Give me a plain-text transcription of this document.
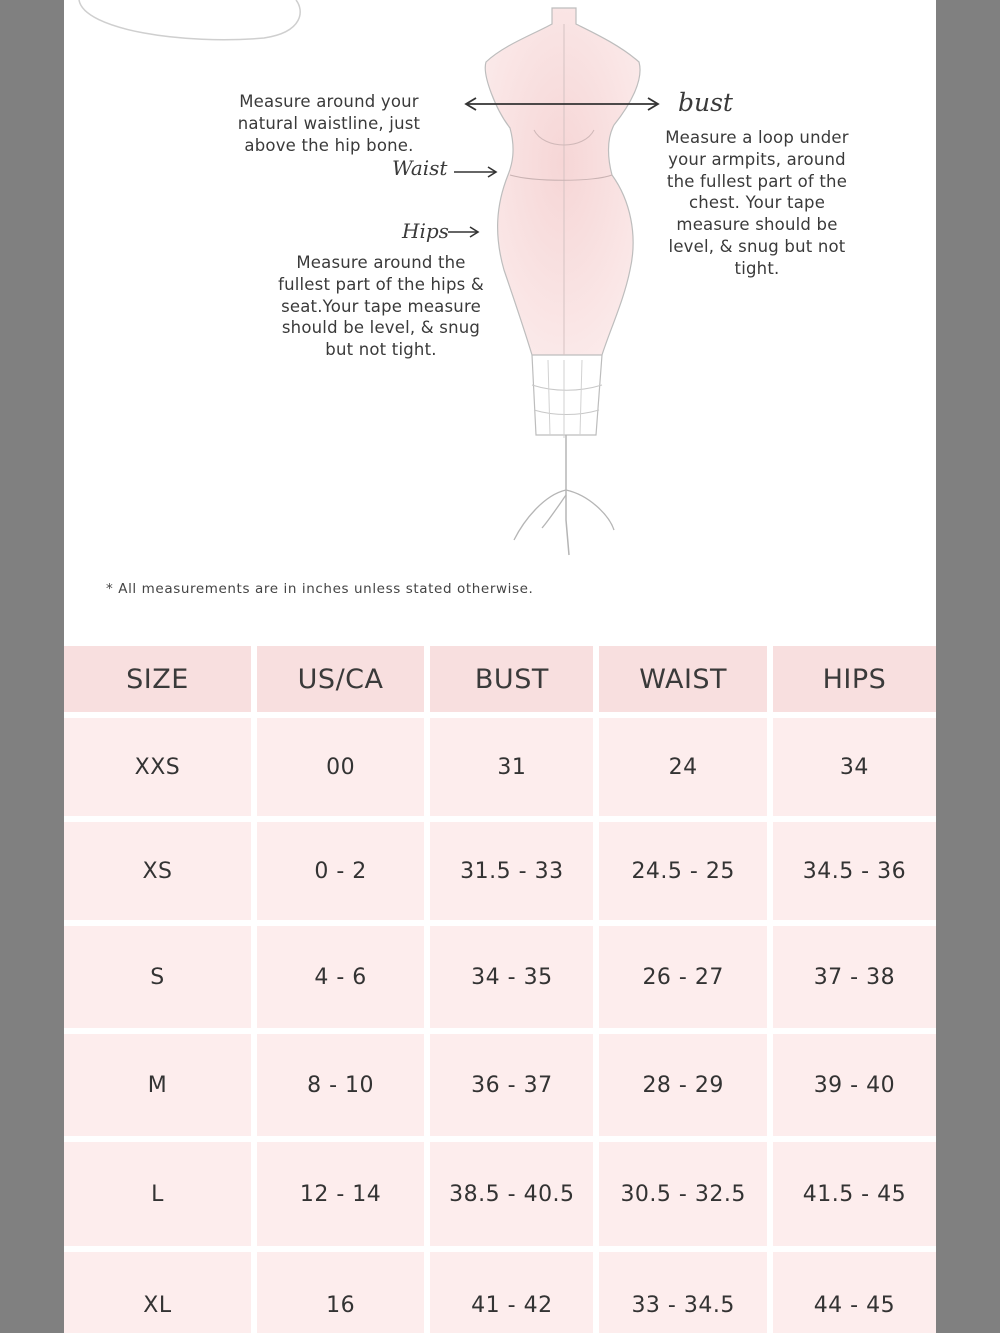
Measure around your natural waistline, just above the hip bone.
Waist
bust
Measure a loop under your armpits, around the fullest part of the chest. Your tape measure should be level, & snug but not tight.
Hips
Measure around the fullest part of the hips & seat.Your tape measure should be level, & snug but not tight.
* All measurements are in inches unless stated otherwise.
SIZE	US/CA	BUST	WAIST	HIPS
XXS	00	31	24	34
XS	0 - 2	31.5 - 33	24.5 - 25	34.5 - 36
S	4 - 6	34 - 35	26 - 27	37 - 38
M	8 - 10	36 - 37	28 - 29	39 - 40
L	12 - 14	38.5 - 40.5	30.5 - 32.5	41.5 - 45
XL	16	41 - 42	33 - 34.5	44 - 45
